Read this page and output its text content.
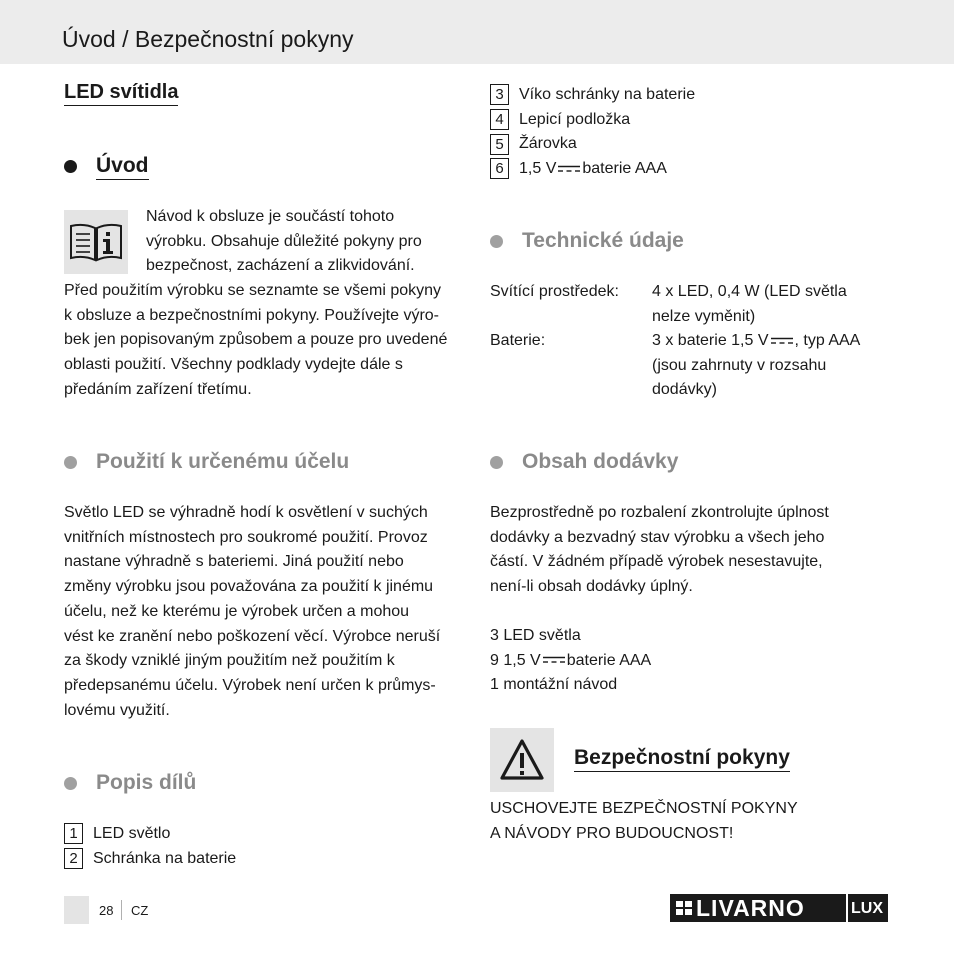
Úvod / Bezpečnostní pokyny
LED svítidla
Úvod
Návod k obsluze je součástí tohoto
výrobku. Obsahuje důležité pokyny pro
bezpečnost, zacházení a zlikvidování.
Před použitím výrobku se seznamte se všemi pokyny
k obsluze a bezpečnostními pokyny. Používejte výro-
bek jen popisovaným způsobem a pouze pro uvedené
oblasti použití. Všechny podklady vydejte dále s
předáním zařízení třetímu.
Použití k určenému účelu
Světlo LED se výhradně hodí k osvětlení v suchých
vnitřních místnostech pro soukromé použití. Provoz
nastane výhradně s bateriemi. Jiná použití nebo
změny výrobku jsou považována za použití k jinému
účelu, než ke kterému je výrobek určen a mohou
vést ke zranění nebo poškození věcí. Výrobce neruší
za škody vzniklé jiným použitím než použitím k
předepsanému účelu. Výrobek není určen k průmys-
lovému využití.
Popis dílů
1 LED světlo
2 Schránka na baterie
3 Víko schránky na baterie
4 Lepicí podložka
5 Žárovka
6 1,5 V baterie AAA
Technické údaje
Svítící prostředek: 4 x LED, 0,4 W (LED světla
nelze vyměnit)
Baterie:	3 x baterie 1,5 V , typ AAA
(jsou zahrnuty v rozsahu
dodávky)
Obsah dodávky
Bezprostředně po rozbalení zkontrolujte úplnost
dodávky a bezvadný stav výrobku a všech jeho
částí. V žádném případě výrobek nesestavujte,
není-li obsah dodávky úplný.
3 LED světla
9 1,5 V baterie AAA
1 montážní návod
Bezpečnostní pokyny
USCHOVEJTE BEZPEČNOSTNÍ POKYNY
A NÁVODY PRO BUDOUCNOST!
28 CZ	LIVARNO	LUX
